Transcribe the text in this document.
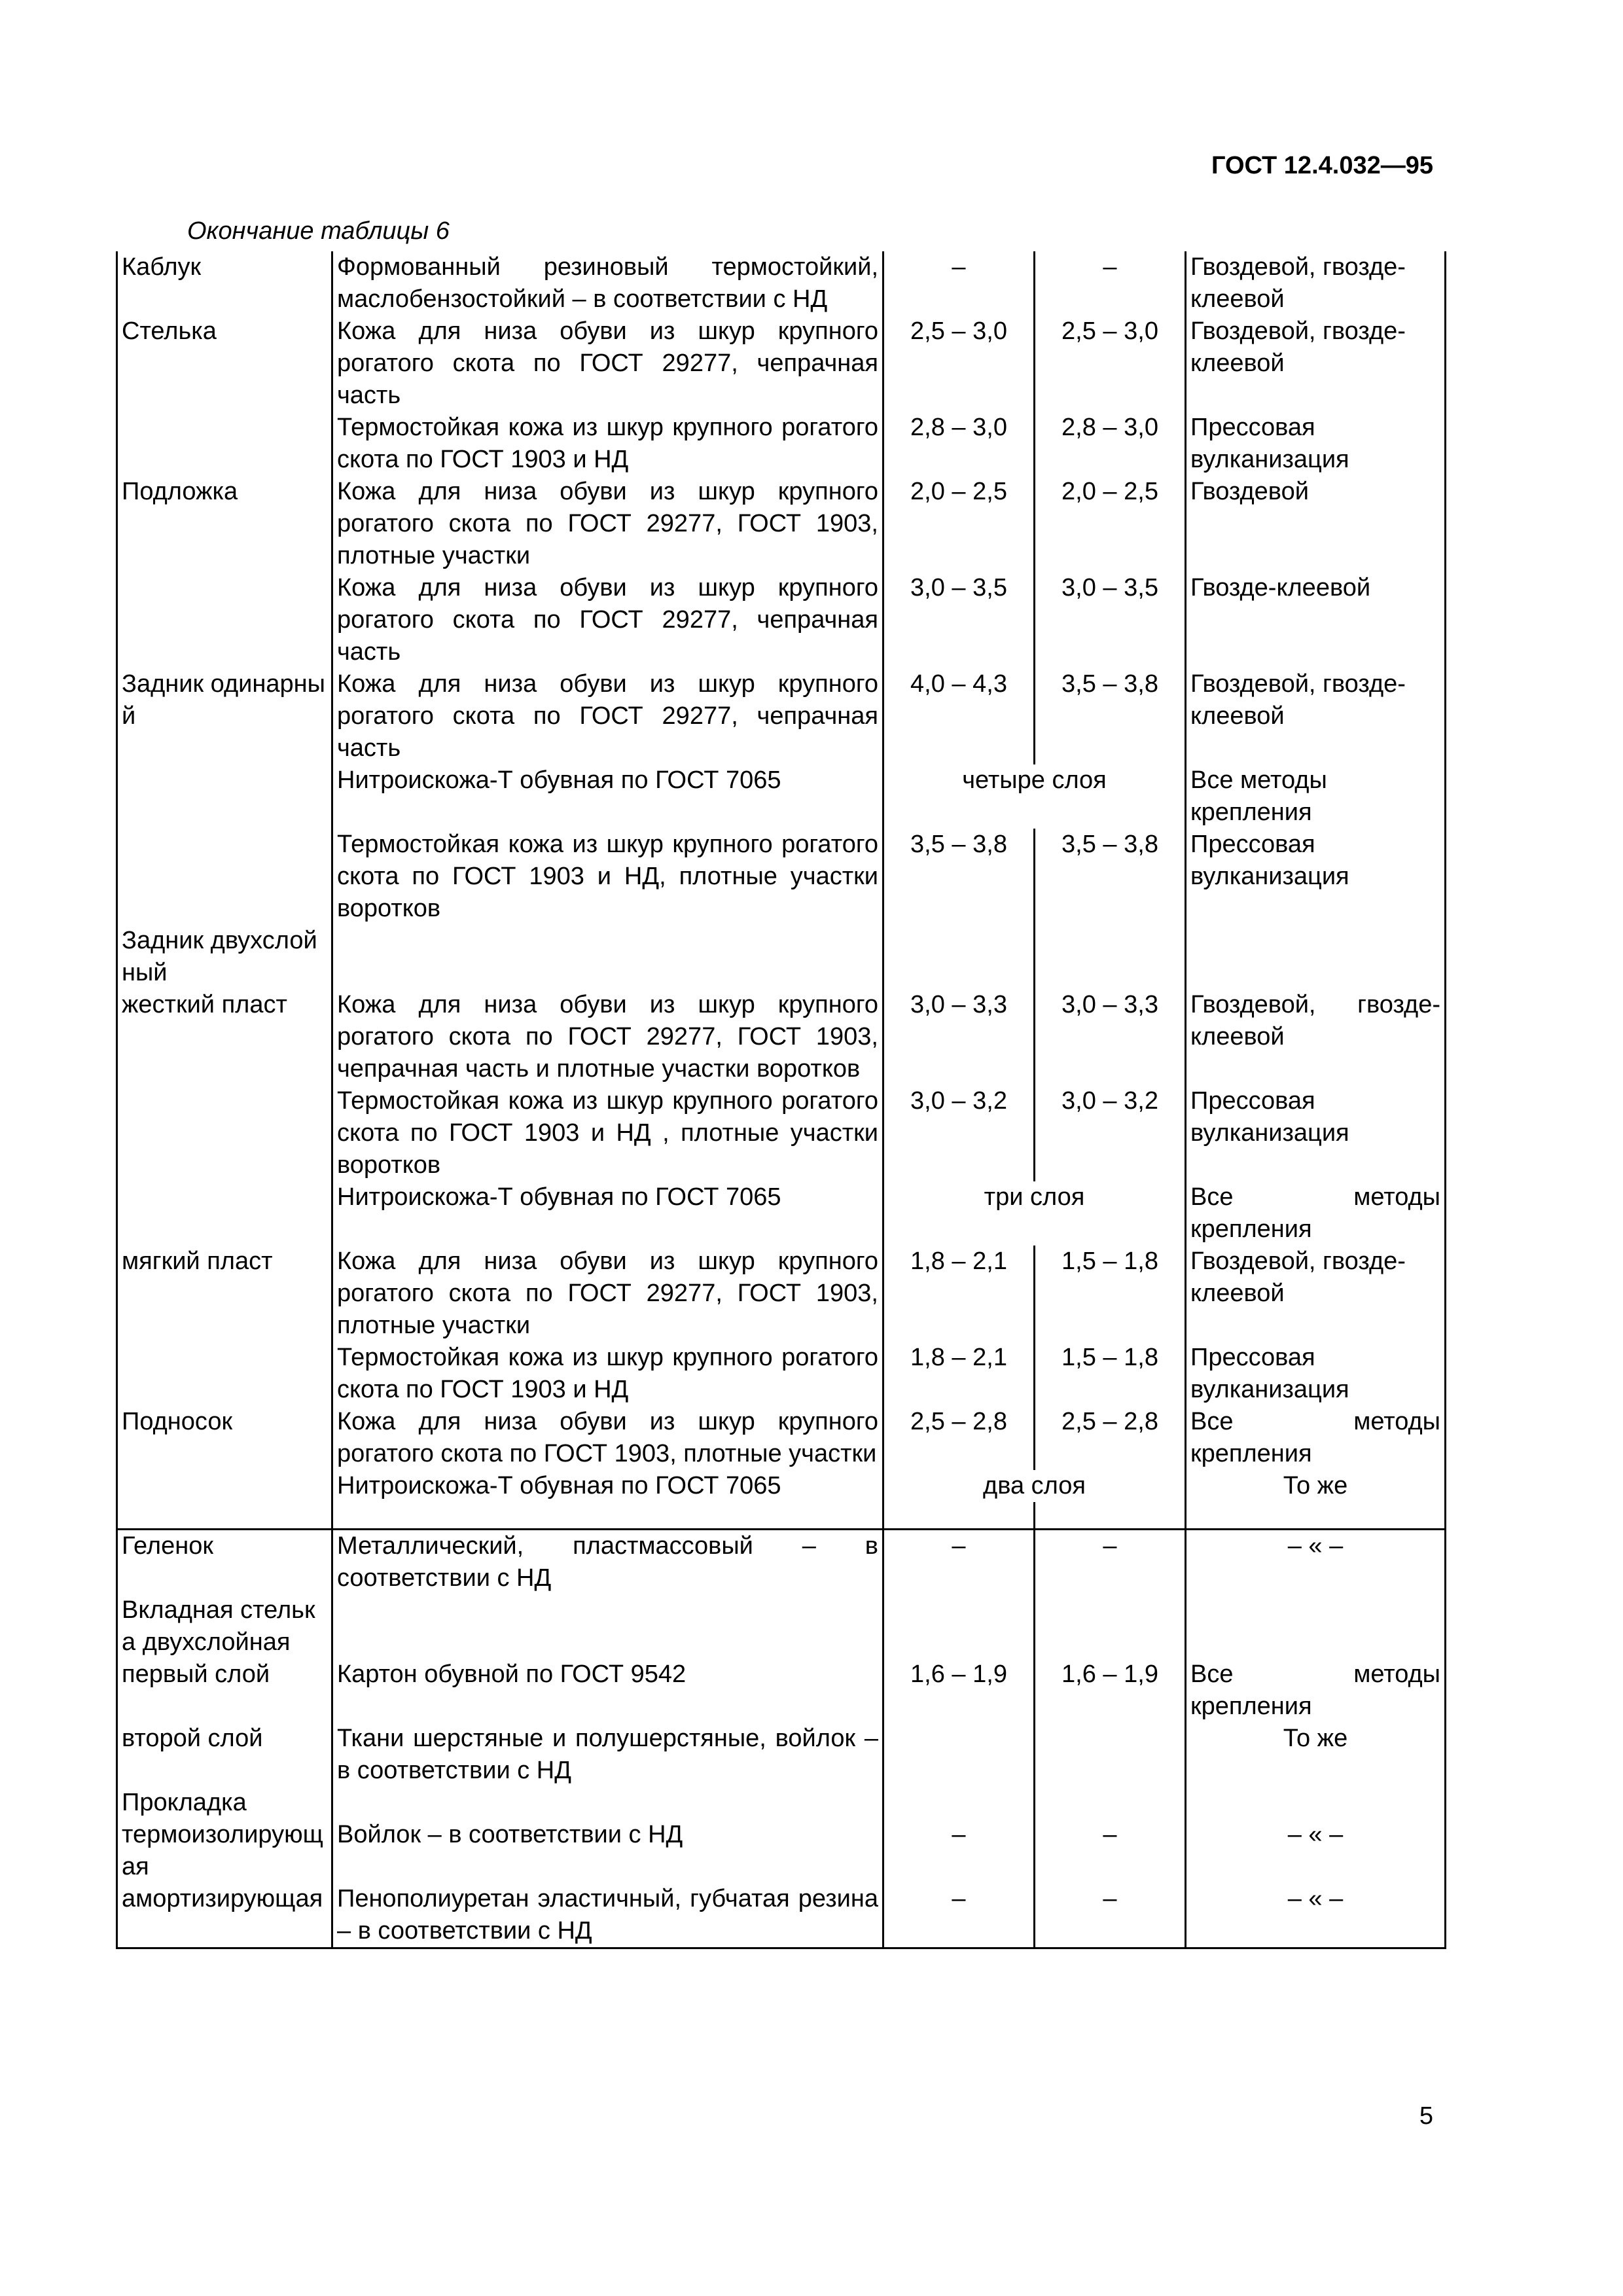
ГОСТ 12.4.032—95
Окончание таблицы 6
Каблук	Формованный резиновый термостойкий, маслобензостойкий – в соответствии с НД	–	–	Гвоздевой, гвозде-клеевой
Стелька	Кожа для низа обуви из шкур крупного рогатого скота по ГОСТ 29277, чепрачная часть	2,5 – 3,0	2,5 – 3,0	Гвоздевой, гвозде-клеевой
	Термостойкая кожа из шкур крупного рогатого скота по ГОСТ 1903 и НД	2,8 – 3,0	2,8 – 3,0	Прессовая вулканизация
Подложка	Кожа для низа обуви из шкур крупного рогатого скота по ГОСТ 29277, ГОСТ 1903, плотные участки	2,0 – 2,5	2,0 – 2,5	Гвоздевой
	Кожа для низа обуви из шкур крупного рогатого скота по ГОСТ 29277, чепрачная часть	3,0 – 3,5	3,0 – 3,5	Гвозде-клеевой
Задник одинарный	Кожа для низа обуви из шкур крупного рогатого скота по ГОСТ 29277, чепрачная часть	4,0 – 4,3	3,5 – 3,8	Гвоздевой, гвозде-клеевой
	Нитроискожа-Т обувная по ГОСТ 7065	четыре слоя		Все методы крепления
	Термостойкая кожа из шкур крупного рогатого скота по ГОСТ 1903 и НД, плотные участки воротков	3,5 – 3,8	3,5 – 3,8	Прессовая вулканизация
Задник двухслойный				
жесткий пласт	Кожа для низа обуви из шкур крупного рогатого скота по ГОСТ 29277, ГОСТ 1903, чепрачная часть и плотные участки воротков	3,0 – 3,3	3,0 – 3,3	Гвоздевой, гвозде-клеевой
	Термостойкая кожа из шкур крупного рогатого скота по ГОСТ 1903 и НД , плотные участки воротков	3,0 – 3,2	3,0 – 3,2	Прессовая вулканизация
	Нитроискожа-Т обувная по ГОСТ 7065	три слоя		Все методы крепления
мягкий пласт	Кожа для низа обуви из шкур крупного рогатого скота по ГОСТ 29277, ГОСТ 1903, плотные участки	1,8 – 2,1	1,5 – 1,8	Гвоздевой, гвозде-клеевой
	Термостойкая кожа из шкур крупного рогатого скота по ГОСТ 1903 и НД	1,8 – 2,1	1,5 – 1,8	Прессовая вулканизация
Подносок	Кожа для низа обуви из шкур крупного рогатого скота по ГОСТ 1903, плотные участки	2,5 – 2,8	2,5 – 2,8	Все методы крепления
	Нитроискожа-Т обувная по ГОСТ 7065	два слоя		То же

Геленок	Металлический, пластмассовый – в соответствии с НД	–	–	– « –
Вкладная стелька двухслойная				
первый слой	Картон обувной по ГОСТ 9542	1,6 – 1,9	1,6 – 1,9	Все методы крепления
второй слой	Ткани шерстяные и полушерстяные, войлок – в соответствии с НД			То же
Прокладка				
термоизолирующая	Войлок – в соответствии с НД	–	–	– « –
амортизирующая	Пенополиуретан эластичный, губчатая резина – в соответствии с НД	–	–	– « –
5
